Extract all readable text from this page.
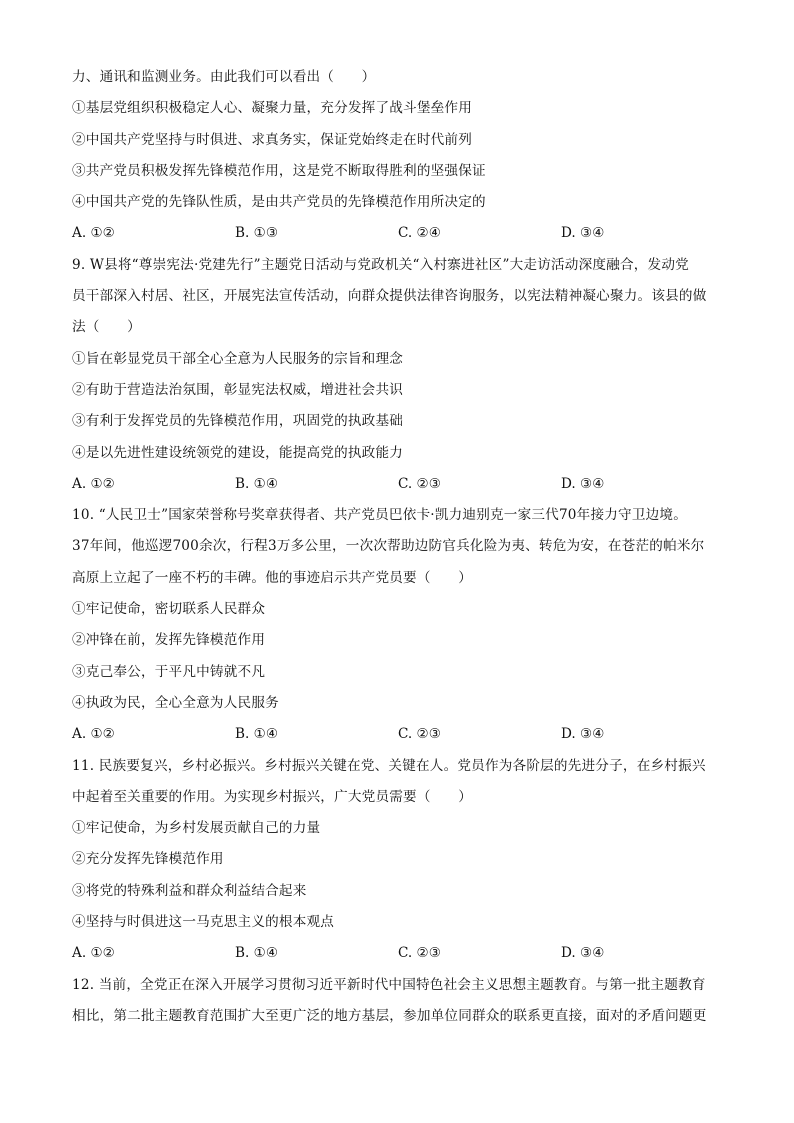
力、通讯和监测业务。由此我们可以看出（　　）
①基层党组织积极稳定人心、凝聚力量，充分发挥了战斗堡垒作用
②中国共产党坚持与时俱进、求真务实，保证党始终走在时代前列
③共产党员积极发挥先锋模范作用，这是党不断取得胜利的坚强保证
④中国共产党的先锋队性质，是由共产党员的先锋模范作用所决定的
A. ①②	B. ①③	C. ②④	D. ③④
9. W县将“尊崇宪法·党建先行”主题党日活动与党政机关“入村寨进社区”大走访活动深度融合，发动党
员干部深入村居、社区，开展宪法宣传活动，向群众提供法律咨询服务，以宪法精神凝心聚力。该县的做
法（　　）
①旨在彰显党员干部全心全意为人民服务的宗旨和理念
②有助于营造法治氛围，彰显宪法权威，增进社会共识
③有利于发挥党员的先锋模范作用，巩固党的执政基础
④是以先进性建设统领党的建设，能提高党的执政能力
A. ①②	B. ①④	C. ②③	D. ③④
10. “人民卫士”国家荣誉称号奖章获得者、共产党员巴依卡·凯力迪别克一家三代70年接力守卫边境。
37年间，他巡逻700余次，行程3万多公里，一次次帮助边防官兵化险为夷、转危为安，在苍茫的帕米尔
高原上立起了一座不朽的丰碑。他的事迹启示共产党员要（　　）
①牢记使命，密切联系人民群众
②冲锋在前，发挥先锋模范作用
③克己奉公，于平凡中铸就不凡
④执政为民，全心全意为人民服务
A. ①②	B. ①④	C. ②③	D. ③④
11. 民族要复兴，乡村必振兴。乡村振兴关键在党、关键在人。党员作为各阶层的先进分子，在乡村振兴
中起着至关重要的作用。为实现乡村振兴，广大党员需要（　　）
①牢记使命，为乡村发展贡献自己的力量
②充分发挥先锋模范作用
③将党的特殊利益和群众利益结合起来
④坚持与时俱进这一马克思主义的根本观点
A. ①②	B. ①④	C. ②③	D. ③④
12. 当前，全党正在深入开展学习贯彻习近平新时代中国特色社会主义思想主题教育。与第一批主题教育
相比，第二批主题教育范围扩大至更广泛的地方基层，参加单位同群众的联系更直接，面对的矛盾问题更
